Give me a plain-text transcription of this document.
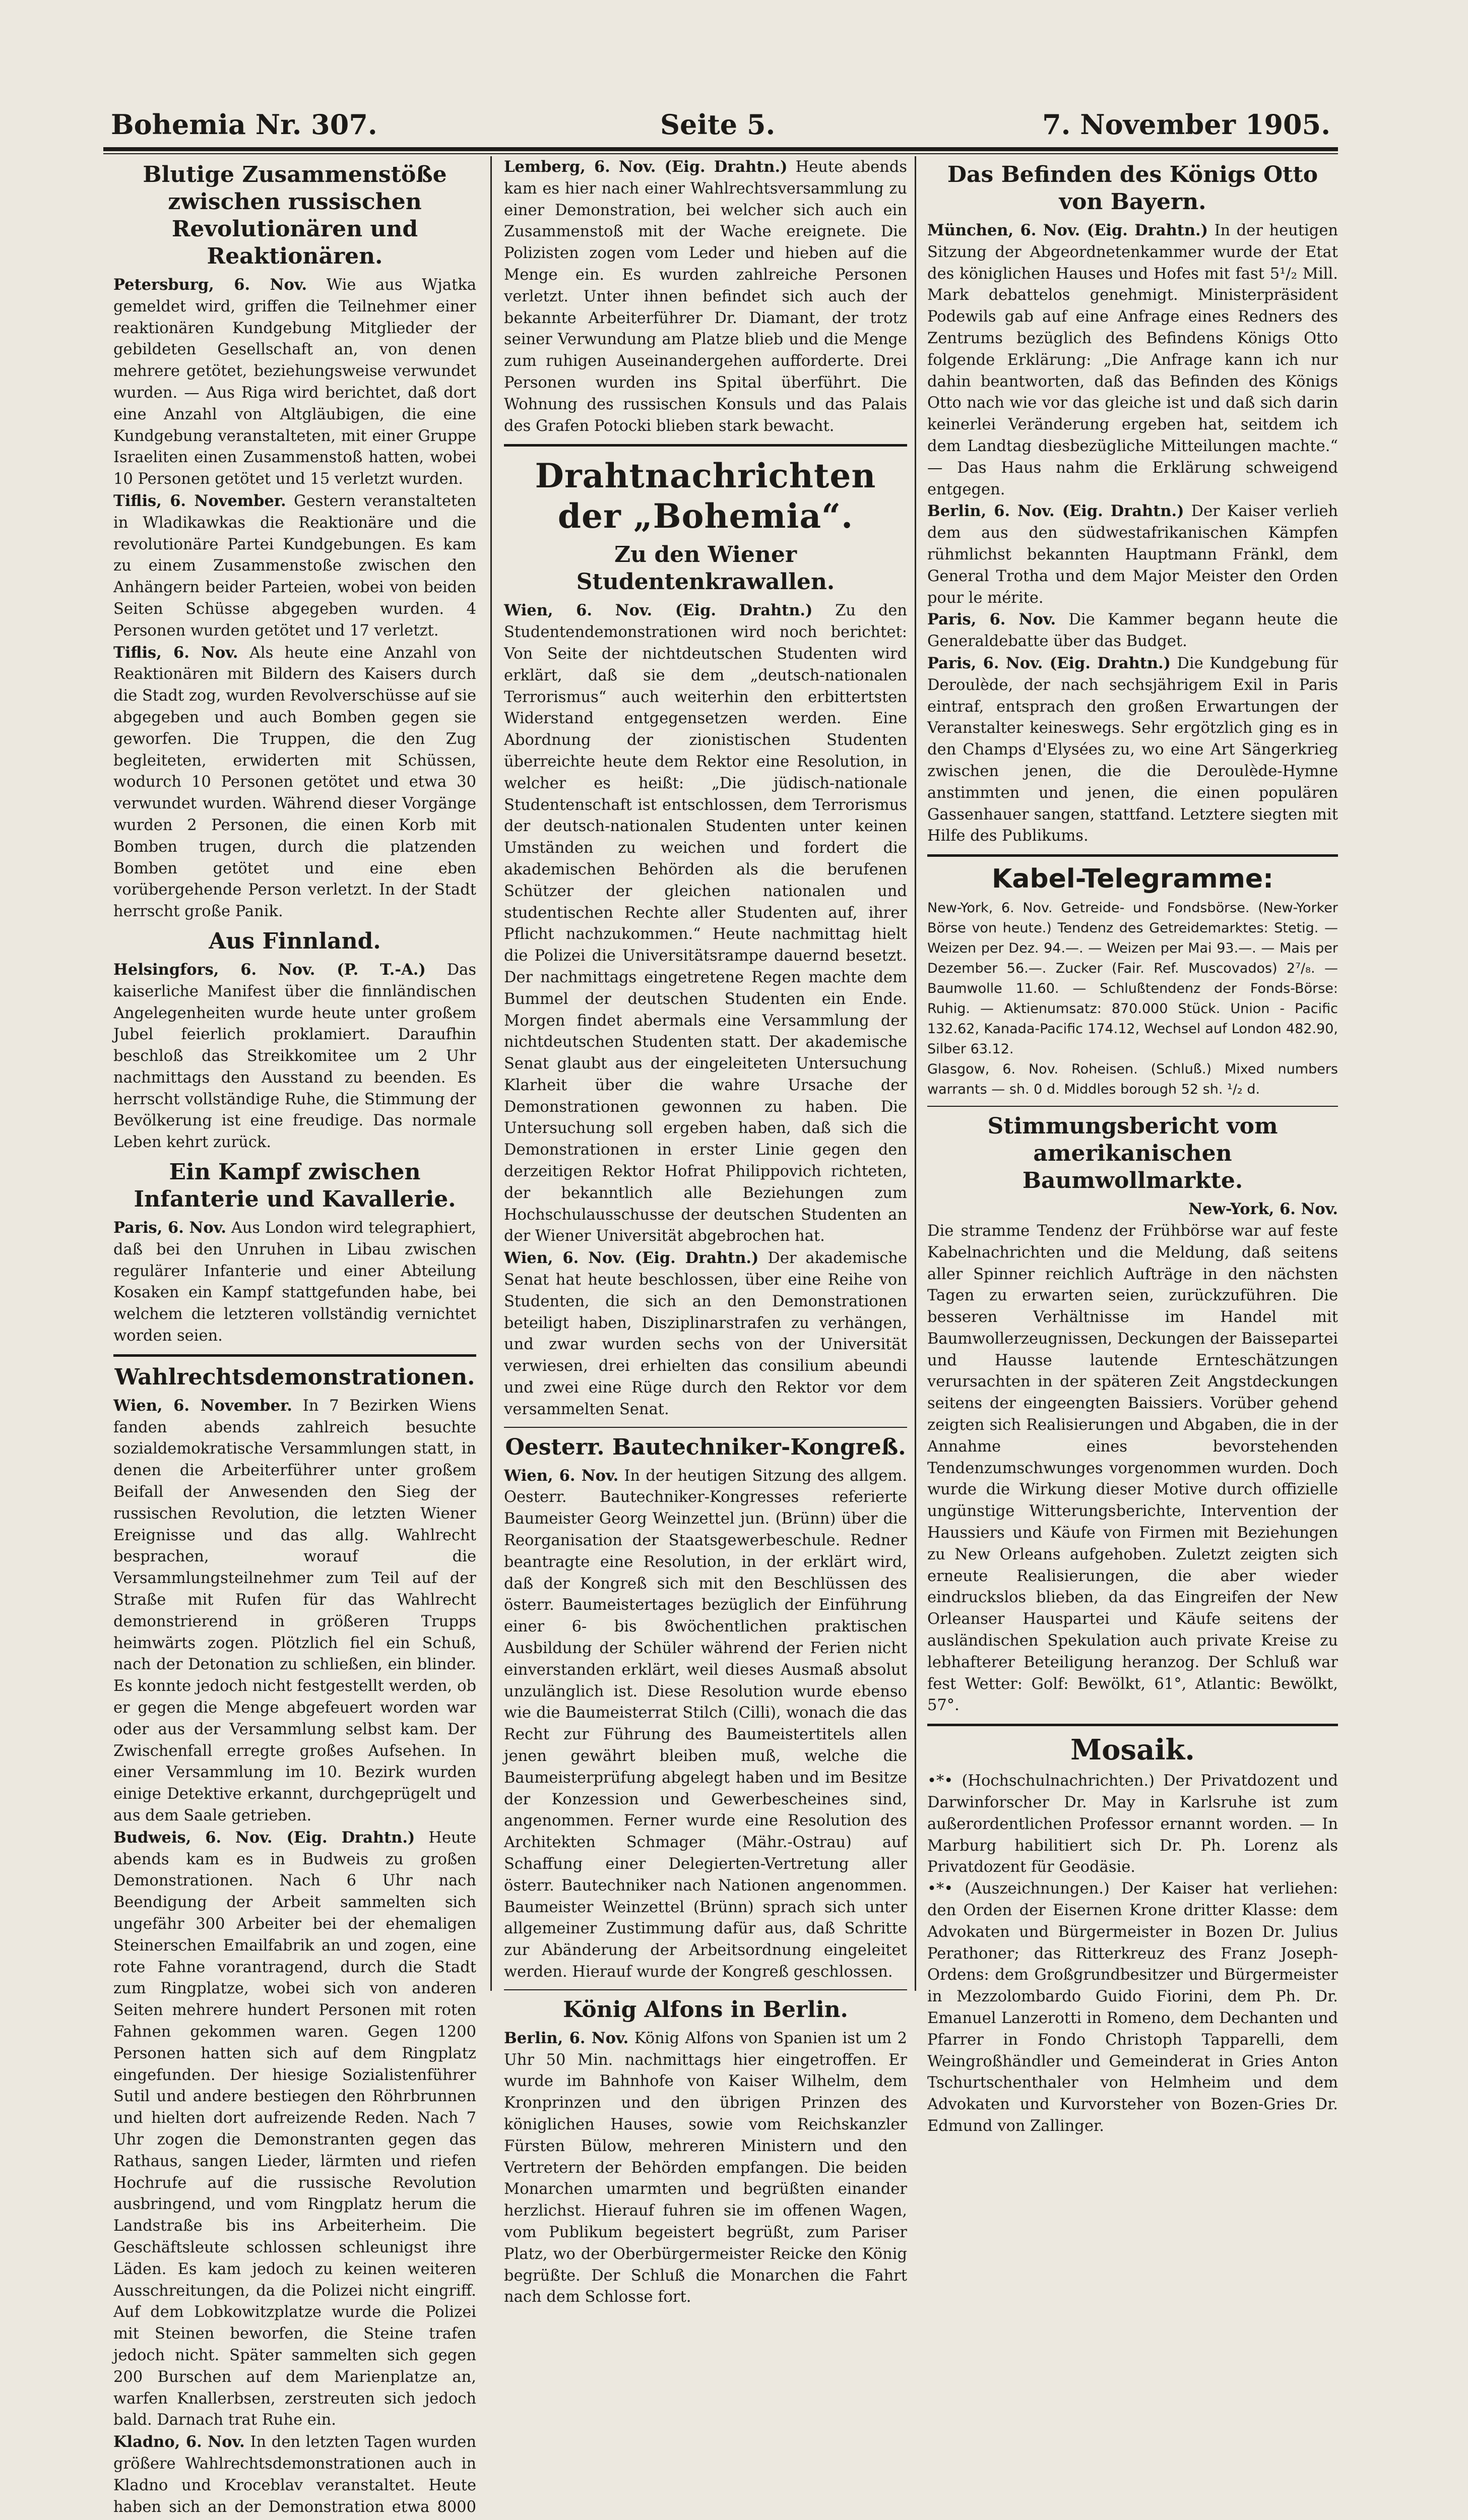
Bohemia Nr. 307.	Seite 5.	7. November 1905.
Blutige Zusammenstöße zwischen russischen Revolutionären und Reaktionären.

Petersburg, 6. Nov. Wie aus Wjatka gemeldet wird, griffen die Teilnehmer einer reaktionären Kundgebung Mitglieder der gebildeten Gesellschaft an, von denen mehrere getötet, beziehungsweise verwundet wurden. — Aus Riga wird berichtet, daß dort eine Anzahl von Altgläubigen, die eine Kundgebung veranstalteten, mit einer Gruppe Israeliten einen Zusammenstoß hatten, wobei 10 Personen getötet und 15 verletzt wurden.

Tiflis, 6. November. Gestern veranstalteten in Wladikawkas die Reaktionäre und die revolutionäre Partei Kundgebungen. Es kam zu einem Zusammenstoße zwischen den Anhängern beider Parteien, wobei von beiden Seiten Schüsse abgegeben wurden. 4 Personen wurden getötet und 17 verletzt.

Tiflis, 6. Nov. Als heute eine Anzahl von Reaktionären mit Bildern des Kaisers durch die Stadt zog, wurden Revolverschüsse auf sie abgegeben und auch Bomben gegen sie geworfen. Die Truppen, die den Zug begleiteten, erwiderten mit Schüssen, wodurch 10 Personen getötet und etwa 30 verwundet wurden. Während dieser Vorgänge wurden 2 Personen, die einen Korb mit Bomben trugen, durch die platzenden Bomben getötet und eine eben vorübergehende Person verletzt. In der Stadt herrscht große Panik.

Aus Finnland.

Helsingfors, 6. Nov. (P. T.-A.) Das kaiserliche Manifest über die finnländischen Angelegenheiten wurde heute unter großem Jubel feierlich proklamiert. Daraufhin beschloß das Streikkomitee um 2 Uhr nachmittags den Ausstand zu beenden. Es herrscht vollständige Ruhe, die Stimmung der Bevölkerung ist eine freudige. Das normale Leben kehrt zurück.

Ein Kampf zwischen Infanterie und Kavallerie.

Paris, 6. Nov. Aus London wird telegraphiert, daß bei den Unruhen in Libau zwischen regulärer Infanterie und einer Abteilung Kosaken ein Kampf stattgefunden habe, bei welchem die letzteren vollständig vernichtet worden seien.

Wahlrechtsdemonstrationen.

Wien, 6. November. In 7 Bezirken Wiens fanden abends zahlreich besuchte sozialdemokratische Versammlungen statt, in denen die Arbeiterführer unter großem Beifall der Anwesenden den Sieg der russischen Revolution, die letzten Wiener Ereignisse und das allg. Wahlrecht besprachen, worauf die Versammlungsteilnehmer zum Teil auf der Straße mit Rufen für das Wahlrecht demonstrierend in größeren Trupps heimwärts zogen. Plötzlich fiel ein Schuß, nach der Detonation zu schließen, ein blinder. Es konnte jedoch nicht festgestellt werden, ob er gegen die Menge abgefeuert worden war oder aus der Versammlung selbst kam. Der Zwischenfall erregte großes Aufsehen. In einer Versammlung im 10. Bezirk wurden einige Detektive erkannt, durchgeprügelt und aus dem Saale getrieben.

Budweis, 6. Nov. (Eig. Drahtn.) Heute abends kam es in Budweis zu großen Demonstrationen. Nach 6 Uhr nach Beendigung der Arbeit sammelten sich ungefähr 300 Arbeiter bei der ehemaligen Steinerschen Emailfabrik an und zogen, eine rote Fahne vorantragend, durch die Stadt zum Ringplatze, wobei sich von anderen Seiten mehrere hundert Personen mit roten Fahnen gekommen waren. Gegen 1200 Personen hatten sich auf dem Ringplatz eingefunden. Der hiesige Sozialistenführer Sutil und andere bestiegen den Röhrbrunnen und hielten dort aufreizende Reden. Nach 7 Uhr zogen die Demonstranten gegen das Rathaus, sangen Lieder, lärmten und riefen Hochrufe auf die russische Revolution ausbringend, und vom Ringplatz herum die Landstraße bis ins Arbeiterheim. Die Geschäftsleute schlossen schleunigst ihre Läden. Es kam jedoch zu keinen weiteren Ausschreitungen, da die Polizei nicht eingriff. Auf dem Lobkowitzplatze wurde die Polizei mit Steinen beworfen, die Steine trafen jedoch nicht. Später sammelten sich gegen 200 Burschen auf dem Marienplatze an, warfen Knallerbsen, zerstreuten sich jedoch bald. Darnach trat Ruhe ein.

Kladno, 6. Nov. In den letzten Tagen wurden größere Wahlrechtsdemonstrationen auch in Kladno und Kroceblav veranstaltet. Heute haben sich an der Demonstration etwa 8000

Lemberg, 6. Nov. (Eig. Drahtn.) Heute abends kam es hier nach einer Wahlrechtsversammlung zu einer Demonstration, bei welcher sich auch ein Zusammenstoß mit der Wache ereignete. Die Polizisten zogen vom Leder und hieben auf die Menge ein. Es wurden zahlreiche Personen verletzt. Unter ihnen befindet sich auch der bekannte Arbeiterführer Dr. Diamant, der trotz seiner Verwundung am Platze blieb und die Menge zum ruhigen Auseinandergehen aufforderte. Drei Personen wurden ins Spital überführt. Die Wohnung des russischen Konsuls und das Palais des Grafen Potocki blieben stark bewacht.

Drahtnachrichten der „Bohemia“.
Zu den Wiener Studentenkrawallen.

Wien, 6. Nov. (Eig. Drahtn.) Zu den Studentendemonstrationen wird noch berichtet: Von Seite der nichtdeutschen Studenten wird erklärt, daß sie dem „deutsch-nationalen Terrorismus“ auch weiterhin den erbittertsten Widerstand entgegensetzen werden. Eine Abordnung der zionistischen Studenten überreichte heute dem Rektor eine Resolution, in welcher es heißt: „Die jüdisch-nationale Studentenschaft ist entschlossen, dem Terrorismus der deutsch-nationalen Studenten unter keinen Umständen zu weichen und fordert die akademischen Behörden als die berufenen Schützer der gleichen nationalen und studentischen Rechte aller Studenten auf, ihrer Pflicht nachzukommen.“ Heute nachmittag hielt die Polizei die Universitätsrampe dauernd besetzt. Der nachmittags eingetretene Regen machte dem Bummel der deutschen Studenten ein Ende. Morgen findet abermals eine Versammlung der nichtdeutschen Studenten statt. Der akademische Senat glaubt aus der eingeleiteten Untersuchung Klarheit über die wahre Ursache der Demonstrationen gewonnen zu haben. Die Untersuchung soll ergeben haben, daß sich die Demonstrationen in erster Linie gegen den derzeitigen Rektor Hofrat Philippovich richteten, der bekanntlich alle Beziehungen zum Hochschulausschusse der deutschen Studenten an der Wiener Universität abgebrochen hat.

Wien, 6. Nov. (Eig. Drahtn.) Der akademische Senat hat heute beschlossen, über eine Reihe von Studenten, die sich an den Demonstrationen beteiligt haben, Disziplinarstrafen zu verhängen, und zwar wurden sechs von der Universität verwiesen, drei erhielten das consilium abeundi und zwei eine Rüge durch den Rektor vor dem versammelten Senat.

Oesterr. Bautechniker-Kongreß.

Wien, 6. Nov. In der heutigen Sitzung des allgem. Oesterr. Bautechniker-Kongresses referierte Baumeister Georg Weinzettel jun. (Brünn) über die Reorganisation der Staatsgewerbeschule. Redner beantragte eine Resolution, in der erklärt wird, daß der Kongreß sich mit den Beschlüssen des österr. Baumeistertages bezüglich der Einführung einer 6- bis 8wöchentlichen praktischen Ausbildung der Schüler während der Ferien nicht einverstanden erklärt, weil dieses Ausmaß absolut unzulänglich ist. Diese Resolution wurde ebenso wie die Baumeisterrat Stilch (Cilli), wonach die das Recht zur Führung des Baumeistertitels allen jenen gewährt bleiben muß, welche die Baumeisterprüfung abgelegt haben und im Besitze der Konzession und Gewerbescheines sind, angenommen. Ferner wurde eine Resolution des Architekten Schmager (Mähr.-Ostrau) auf Schaffung einer Delegierten-Vertretung aller österr. Bautechniker nach Nationen angenommen. Baumeister Weinzettel (Brünn) sprach sich unter allgemeiner Zustimmung dafür aus, daß Schritte zur Abänderung der Arbeitsordnung eingeleitet werden. Hierauf wurde der Kongreß geschlossen.

König Alfons in Berlin.

Berlin, 6. Nov. König Alfons von Spanien ist um 2 Uhr 50 Min. nachmittags hier eingetroffen. Er wurde im Bahnhofe von Kaiser Wilhelm, dem Kronprinzen und den übrigen Prinzen des königlichen Hauses, sowie vom Reichskanzler Fürsten Bülow, mehreren Ministern und den Vertretern der Behörden empfangen. Die beiden Monarchen umarmten und begrüßten einander herzlichst. Hierauf fuhren sie im offenen Wagen, vom Publikum begeistert begrüßt, zum Pariser Platz, wo der Oberbürgermeister Reicke den König begrüßte. Der Schluß die Monarchen die Fahrt nach dem Schlosse fort.

Das Befinden des Königs Otto von Bayern.

München, 6. Nov. (Eig. Drahtn.) In der heutigen Sitzung der Abgeordnetenkammer wurde der Etat des königlichen Hauses und Hofes mit fast 5¹/₂ Mill. Mark debattelos genehmigt. Ministerpräsident Podewils gab auf eine Anfrage eines Redners des Zentrums bezüglich des Befindens Königs Otto folgende Erklärung: „Die Anfrage kann ich nur dahin beantworten, daß das Befinden des Königs Otto nach wie vor das gleiche ist und daß sich darin keinerlei Veränderung ergeben hat, seitdem ich dem Landtag diesbezügliche Mitteilungen machte.“ — Das Haus nahm die Erklärung schweigend entgegen.

Berlin, 6. Nov. (Eig. Drahtn.) Der Kaiser verlieh dem aus den südwestafrikanischen Kämpfen rühmlichst bekannten Hauptmann Fränkl, dem General Trotha und dem Major Meister den Orden pour le mérite.

Paris, 6. Nov. Die Kammer begann heute die Generaldebatte über das Budget.

Paris, 6. Nov. (Eig. Drahtn.) Die Kundgebung für Deroulède, der nach sechsjährigem Exil in Paris eintraf, entsprach den großen Erwartungen der Veranstalter keineswegs. Sehr ergötzlich ging es in den Champs d'Elysées zu, wo eine Art Sängerkrieg zwischen jenen, die die Deroulède-Hymne anstimmten und jenen, die einen populären Gassenhauer sangen, stattfand. Letztere siegten mit Hilfe des Publikums.

Kabel-Telegramme:

New-York, 6. Nov. Getreide- und Fondsbörse. (New-Yorker Börse von heute.) Tendenz des Getreidemarktes: Stetig. — Weizen per Dez. 94.—. — Weizen per Mai 93.—. — Mais per Dezember 56.—. Zucker (Fair. Ref. Muscovados) 2⁷/₈. — Baumwolle 11.60. — Schlußtendenz der Fonds-Börse: Ruhig. — Aktienumsatz: 870.000 Stück. Union - Pacific 132.62, Kanada-Pacific 174.12, Wechsel auf London 482.90, Silber 63.12.

Glasgow, 6. Nov. Roheisen. (Schluß.) Mixed numbers warrants — sh. 0 d. Middles borough 52 sh. ¹/₂ d.

Stimmungsbericht vom amerikanischen Baumwollmarkte.

New-York, 6. Nov.

Die stramme Tendenz der Frühbörse war auf feste Kabelnachrichten und die Meldung, daß seitens aller Spinner reichlich Aufträge in den nächsten Tagen zu erwarten seien, zurückzuführen. Die besseren Verhältnisse im Handel mit Baumwollerzeugnissen, Deckungen der Baissepartei und Hausse lautende Ernteschätzungen verursachten in der späteren Zeit Angstdeckungen seitens der eingeengten Baissiers. Vorüber gehend zeigten sich Realisierungen und Abgaben, die in der Annahme eines bevorstehenden Tendenzumschwunges vorgenommen wurden. Doch wurde die Wirkung dieser Motive durch offizielle ungünstige Witterungsberichte, Intervention der Haussiers und Käufe von Firmen mit Beziehungen zu New Orleans aufgehoben. Zuletzt zeigten sich erneute Realisierungen, die aber wieder eindruckslos blieben, da das Eingreifen der New Orleanser Hauspartei und Käufe seitens der ausländischen Spekulation auch private Kreise zu lebhafterer Beteiligung heranzog. Der Schluß war fest Wetter: Golf: Bewölkt, 61°, Atlantic: Bewölkt, 57°.

Mosaik.

•*• (Hochschulnachrichten.) Der Privatdozent und Darwinforscher Dr. May in Karlsruhe ist zum außerordentlichen Professor ernannt worden. — In Marburg habilitiert sich Dr. Ph. Lorenz als Privatdozent für Geodäsie.

•*• (Auszeichnungen.) Der Kaiser hat verliehen: den Orden der Eisernen Krone dritter Klasse: dem Advokaten und Bürgermeister in Bozen Dr. Julius Perathoner; das Ritterkreuz des Franz Joseph-Ordens: dem Großgrundbesitzer und Bürgermeister in Mezzolombardo Guido Fiorini, dem Ph. Dr. Emanuel Lanzerotti in Romeno, dem Dechanten und Pfarrer in Fondo Christoph Tapparelli, dem Weingroßhändler und Gemeinderat in Gries Anton Tschurtschenthaler von Helmheim und dem Advokaten und Kurvorsteher von Bozen-Gries Dr. Edmund von Zallinger.
